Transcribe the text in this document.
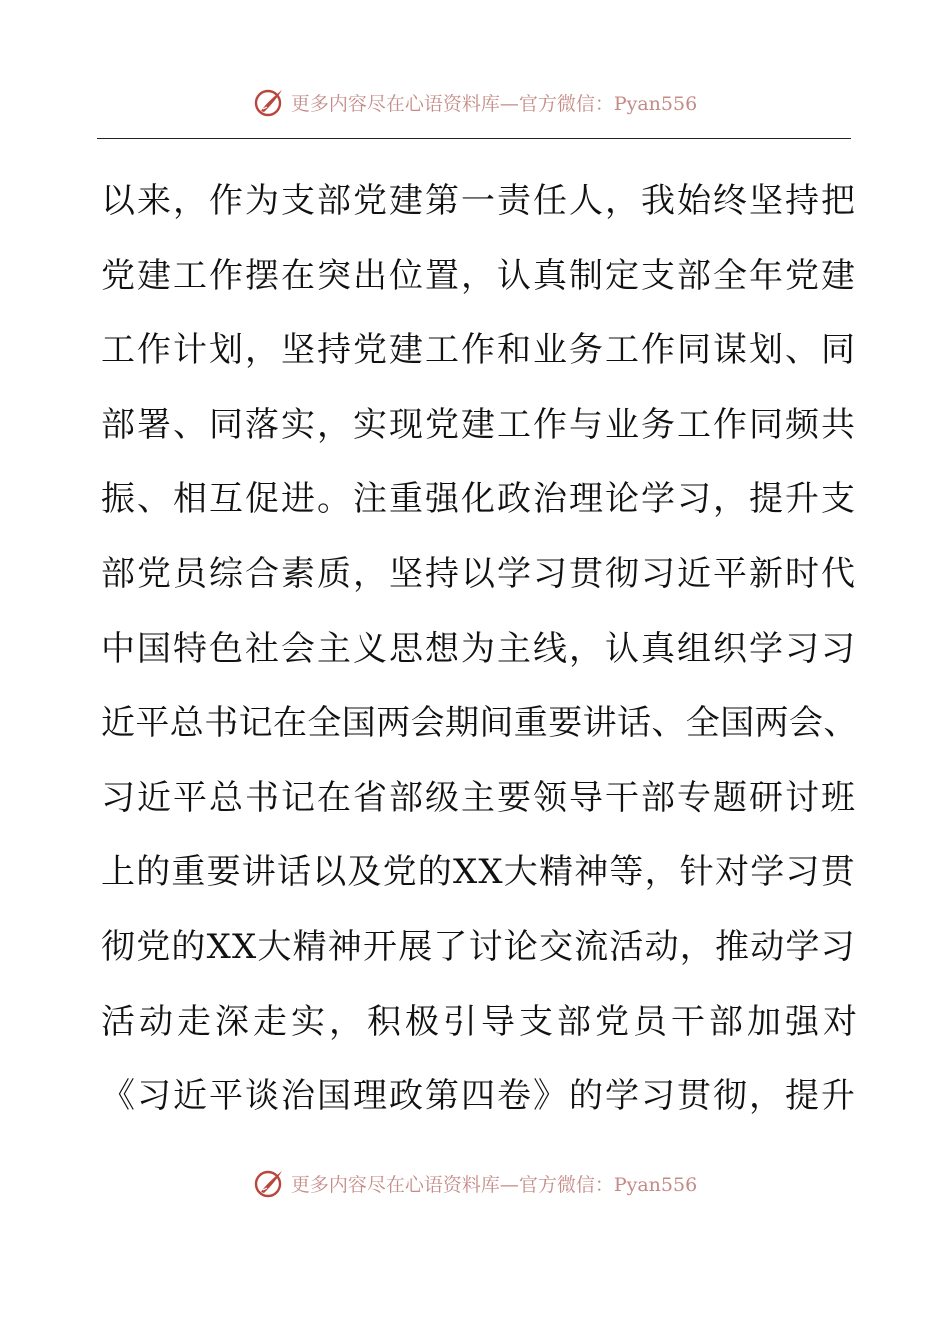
更多内容尽在心语资料库—官方微信：Pyan556
以来，作为支部党建第一责任人，我始终坚持把
党建工作摆在突出位置，认真制定支部全年党建
工作计划，坚持党建工作和业务工作同谋划、同
部署、同落实，实现党建工作与业务工作同频共
振、相互促进。注重强化政治理论学习，提升支
部党员综合素质，坚持以学习贯彻习近平新时代
中国特色社会主义思想为主线，认真组织学习习
近平总书记在全国两会期间重要讲话、全国两会、
习近平总书记在省部级主要领导干部专题研讨班
上的重要讲话以及党的XX大精神等，针对学习贯
彻党的XX大精神开展了讨论交流活动，推动学习
活动走深走实，积极引导支部党员干部加强对
《习近平谈治国理政第四卷》的学习贯彻，提升
更多内容尽在心语资料库—官方微信：Pyan556
